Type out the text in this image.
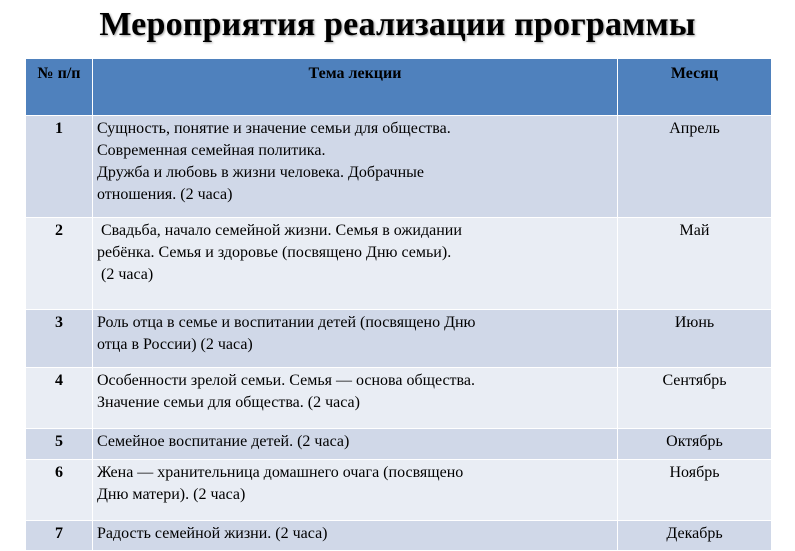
Мероприятия реализации программы
№ п/п	Тема лекции	Месяц
1	Сущность, понятие и значение семьи для общества.
Современная семейная политика.
Дружба и любовь в жизни человека. Добрачные
отношения. (2 часа)	Апрель
2	Свадьба, начало семейной жизни. Семья в ожидании
ребёнка. Семья и здоровье (посвящено Дню семьи).
(2 часа)	Май
3	Роль отца в семье и воспитании детей (посвящено Дню
отца в России) (2 часа)	Июнь
4	Особенности зрелой семьи. Семья — основа общества.
Значение семьи для общества. (2 часа)	Сентябрь
5	Семейное воспитание детей. (2 часа)	Октябрь
6	Жена — хранительница домашнего очага (посвящено
Дню матери). (2 часа)	Ноябрь
7	Радость семейной жизни. (2 часа)	Декабрь
